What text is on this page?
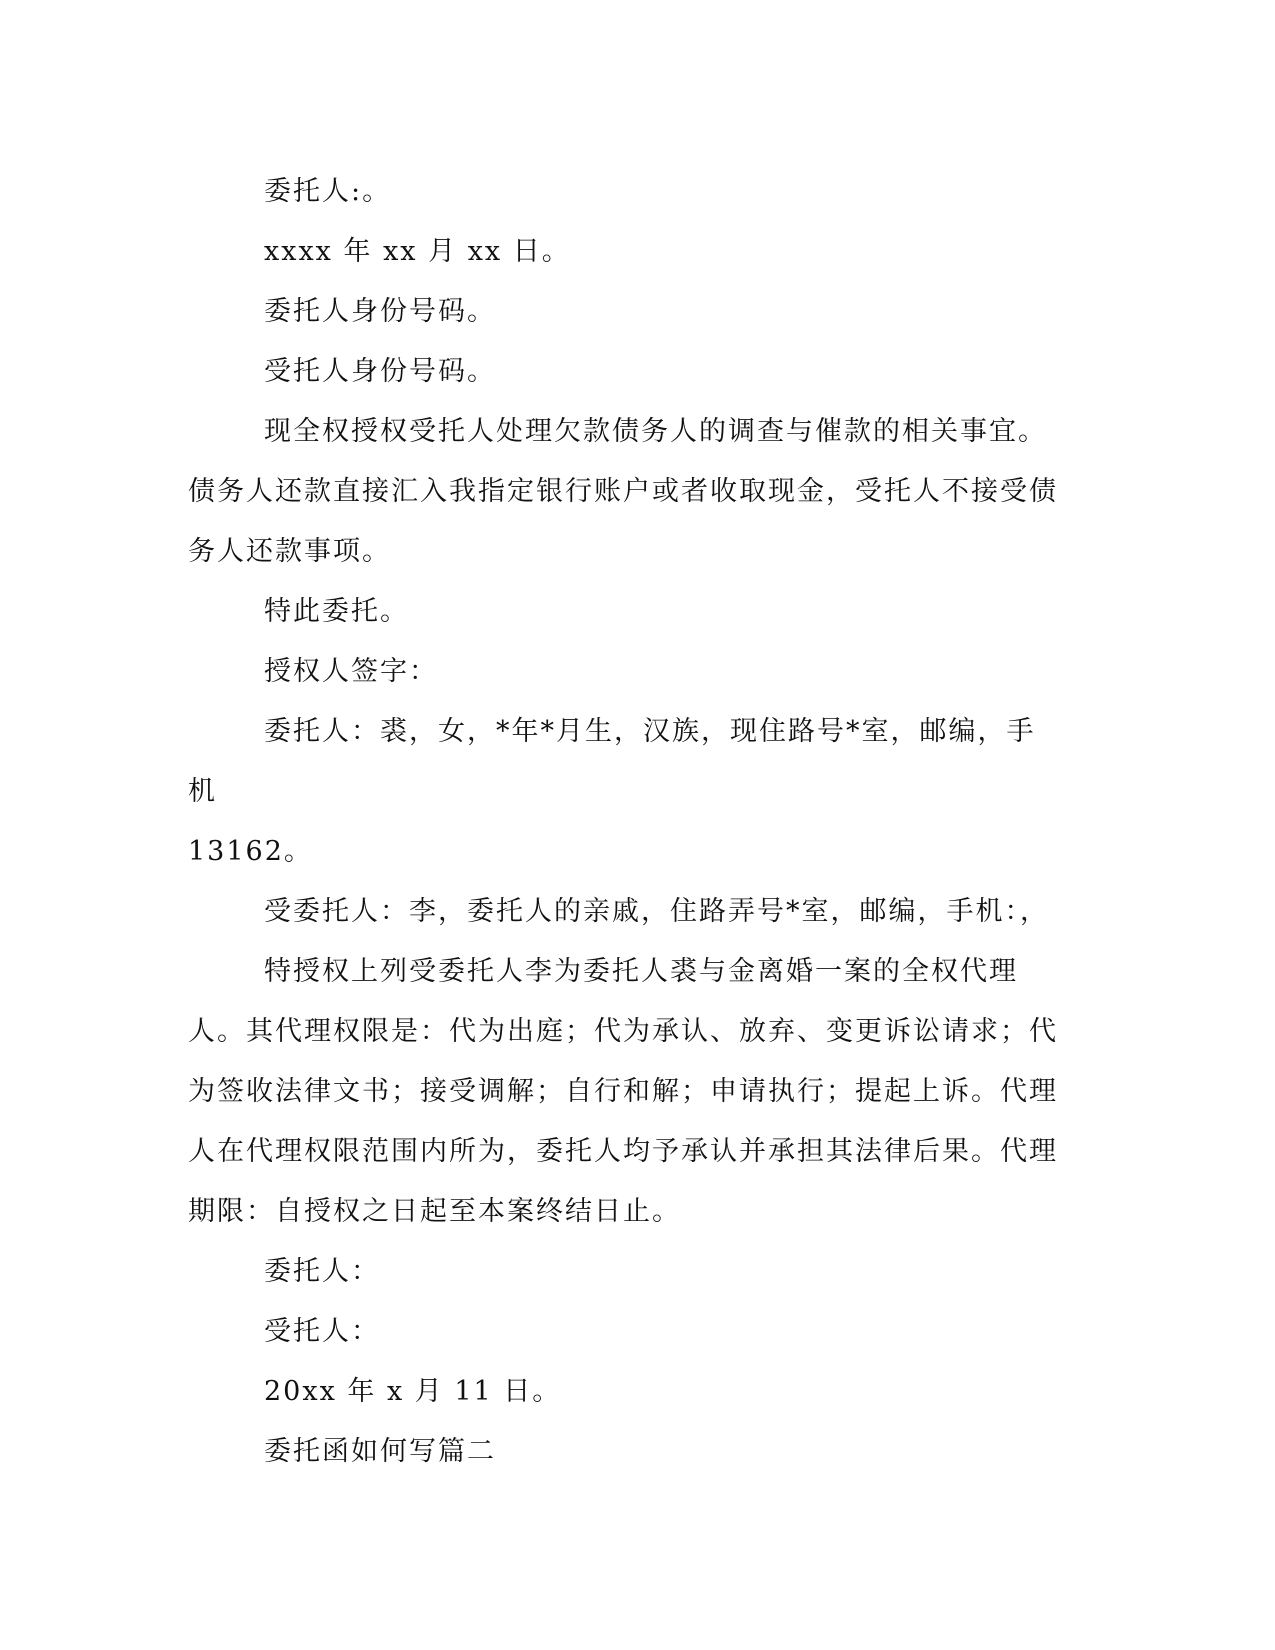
委托人:。

xxxx 年 xx 月 xx 日。

委托人身份号码。

受托人身份号码。

现全权授权受托人处理欠款债务人的调查与催款的相关事宜。债务人还款直接汇入我指定银行账户或者收取现金，受托人不接受债务人还款事项。

特此委托。

授权人签字：

委托人：裘，女，*年*月生，汉族，现住路号*室，邮编，手机

13162。

受委托人：李，委托人的亲戚，住路弄号*室，邮编，手机：，

特授权上列受委托人李为委托人裘与金离婚一案的全权代理人。其代理权限是：代为出庭；代为承认、放弃、变更诉讼请求；代为签收法律文书；接受调解；自行和解；申请执行；提起上诉。代理人在代理权限范围内所为，委托人均予承认并承担其法律后果。代理期限：自授权之日起至本案终结日止。

委托人：

受托人：

20xx 年 x 月 11 日。

委托函如何写篇二
